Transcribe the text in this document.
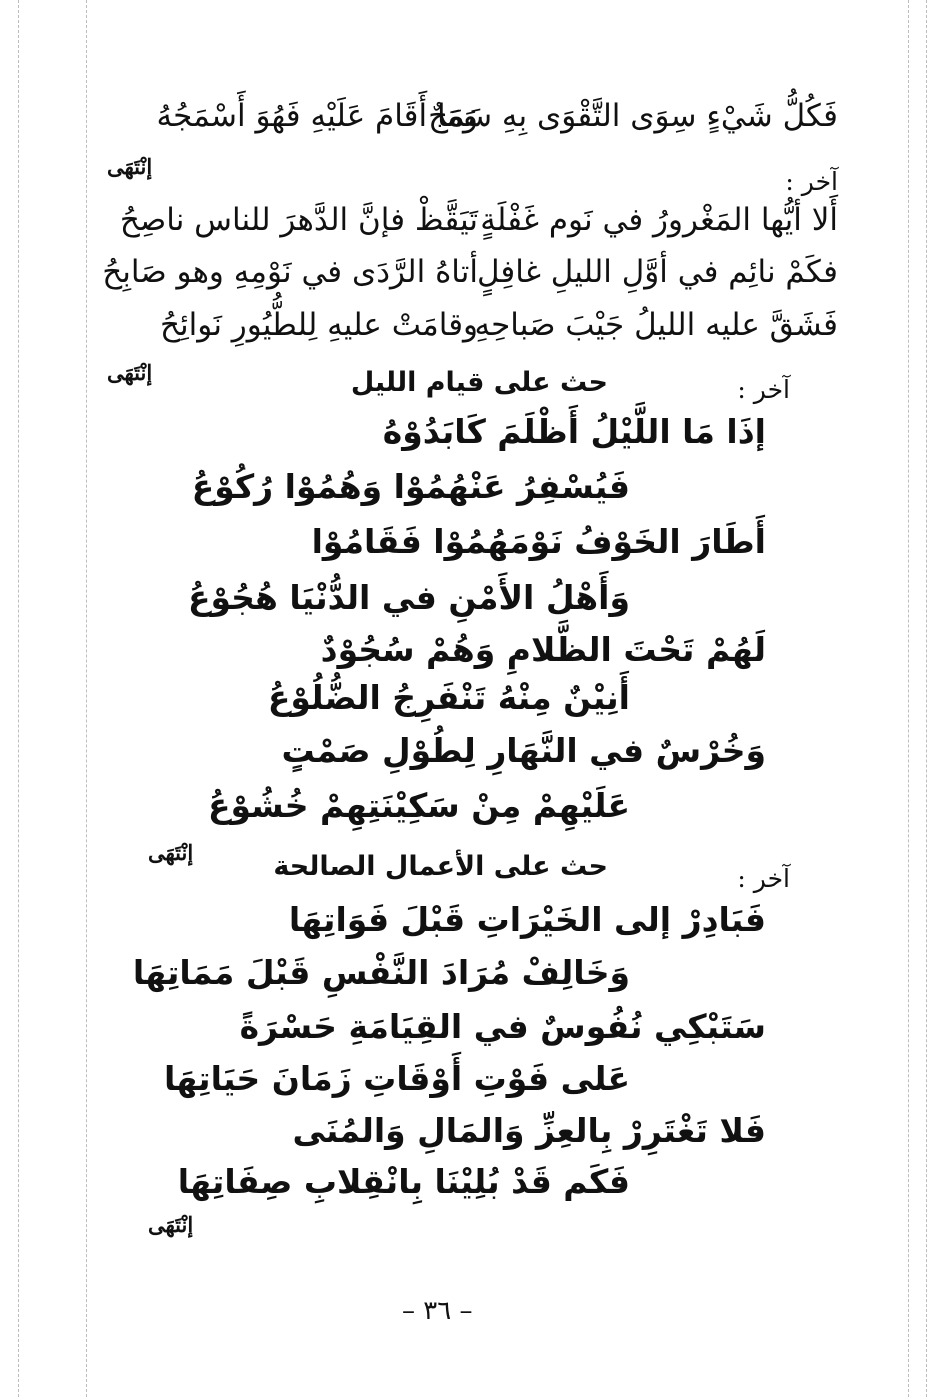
فَكُلُّ شَيْءٍ سِوَى التَّقْوَى بِهِ سَمَجٌ
وَمَا أَقَامَ عَلَيْهِ فَهُوَ أَسْمَجُهُ
إنْتَهَى
آخر :
أَلا أيُّها المَغْرورُ في نَوم غَفْلَةٍ
تَيَقَّظْ فإنَّ الدَّهرَ للناس ناصِحُ
فكَمْ نائِم في أوَّلِ الليلِ غافِلٍ
أتاهُ الرَّدَى في نَوْمِهِ وهو صَابِحُ
فَشَقَّ عليه الليلُ جَيْبَ صَباحِهِ
وقامَتْ عليهِ لِلطُّيُورِ نَوائِحُ
إنْتَهَى
آخر :
حث على قيام الليل
إذَا مَا اللَّيْلُ أَظْلَمَ كَابَدُوْهُ
فَيُسْفِرُ عَنْهُمُوْا وَهُمُوْا رُكُوْعُ
أَطَارَ الخَوْفُ نَوْمَهُمُوْا فَقَامُوْا
وَأَهْلُ الأَمْنِ في الدُّنْيَا هُجُوْعُ
لَهُمْ تَحْتَ الظَّلامِ وَهُمْ سُجُوْدٌ
أَنِيْنٌ مِنْهُ تَنْفَرِجُ الضُّلُوْعُ
وَخُرْسٌ في النَّهَارِ لِطُوْلِ صَمْتٍ
عَلَيْهِمْ مِنْ سَكِيْنَتِهِمْ خُشُوْعُ
إنْتَهَى
آخر :
حث على الأعمال الصالحة
فَبَادِرْ إلى الخَيْرَاتِ قَبْلَ فَوَاتِهَا
وَخَالِفْ مُرَادَ النَّفْسِ قَبْلَ مَمَاتِهَا
سَتَبْكِي نُفُوسٌ في القِيَامَةِ حَسْرَةً
عَلى فَوْتِ أَوْقَاتِ زَمَانَ حَيَاتِهَا
فَلا تَغْتَرِرْ بِالعِزِّ وَالمَالِ وَالمُنَى
فَكَم قَدْ بُلِيْنَا بِانْقِلابِ صِفَاتِهَا
إنْتَهَى
– ٣٦ –
